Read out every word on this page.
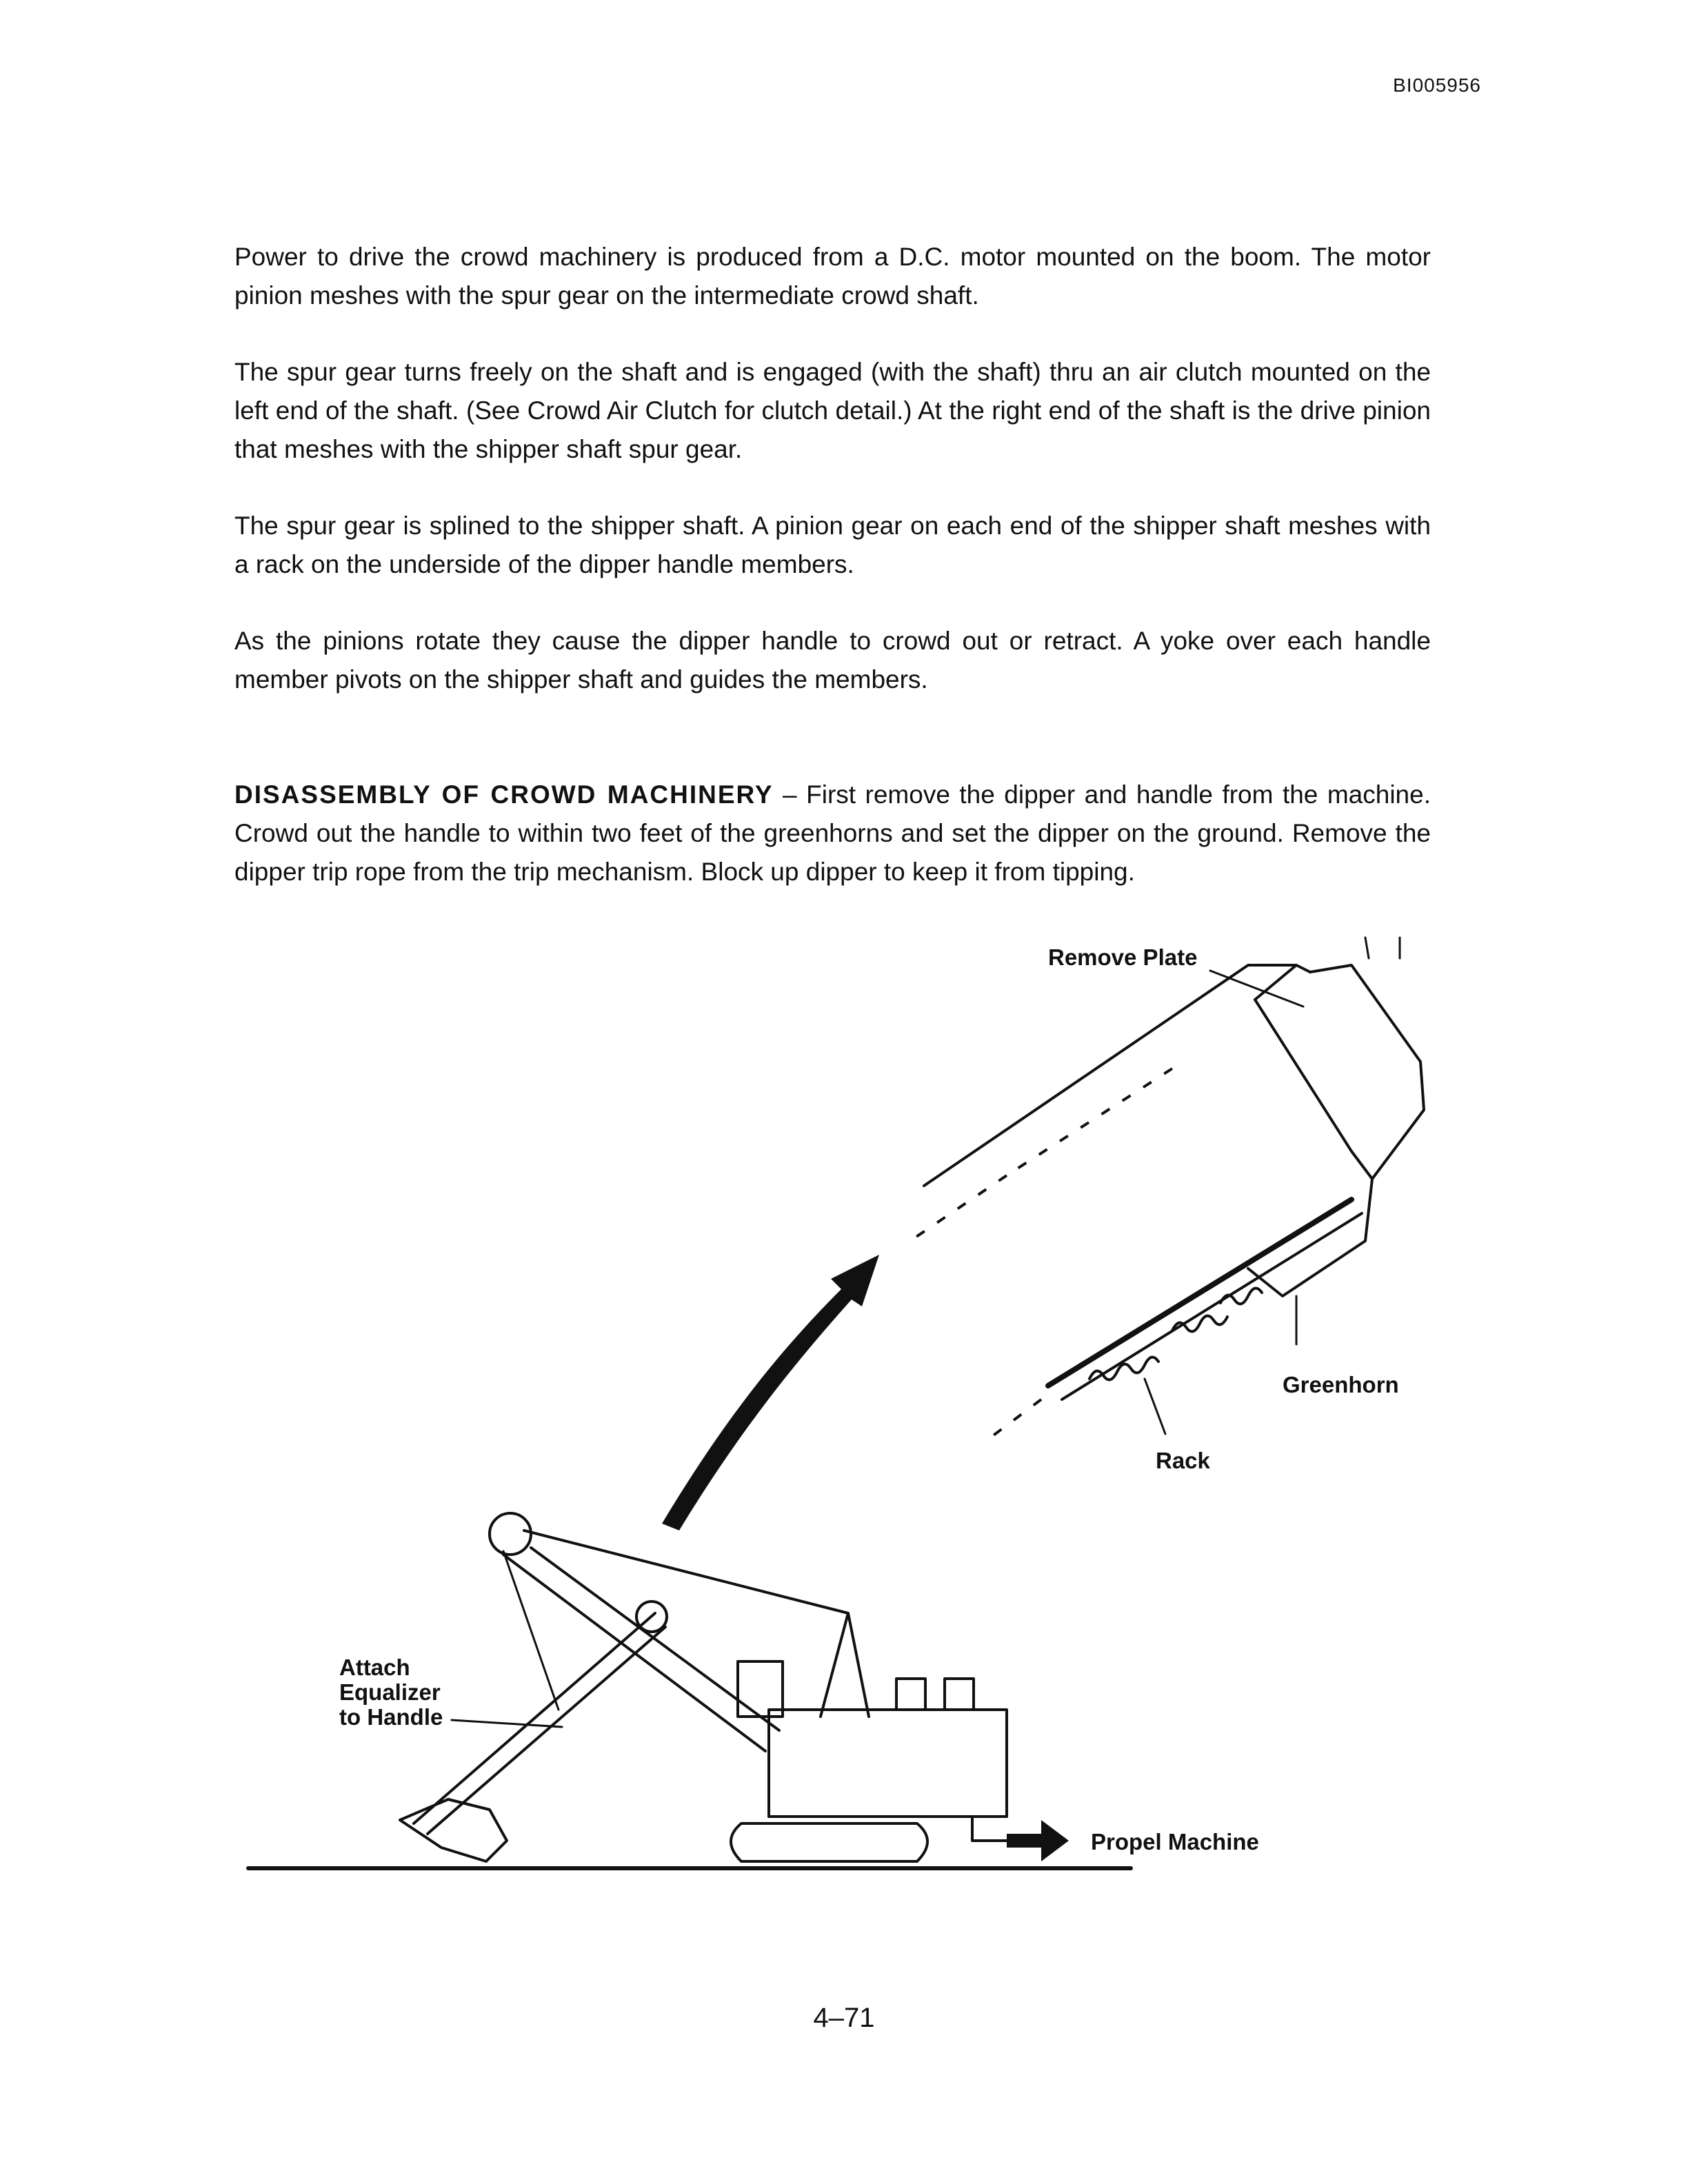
BI005956

Power to drive the crowd machinery is produced from a D.C. motor mounted on the boom. The motor pinion meshes with the spur gear on the intermediate crowd shaft.

The spur gear turns freely on the shaft and is engaged (with the shaft) thru an air clutch mounted on the left end of the shaft. (See Crowd Air Clutch for clutch detail.) At the right end of the shaft is the drive pinion that meshes with the shipper shaft spur gear.

The spur gear is splined to the shipper shaft. A pinion gear on each end of the shipper shaft meshes with a rack on the underside of the dipper handle members.

As the pinions rotate they cause the dipper handle to crowd out or retract. A yoke over each handle member pivots on the shipper shaft and guides the members.

DISASSEMBLY OF CROWD MACHINERY – First remove the dipper and handle from the machine. Crowd out the handle to within two feet of the greenhorns and set the dipper on the ground. Remove the dipper trip rope from the trip mechanism. Block up dipper to keep it from tipping.

Remove Plate
Greenhorn
Rack
Attach
Equalizer
to Handle
Propel Machine
4–71
